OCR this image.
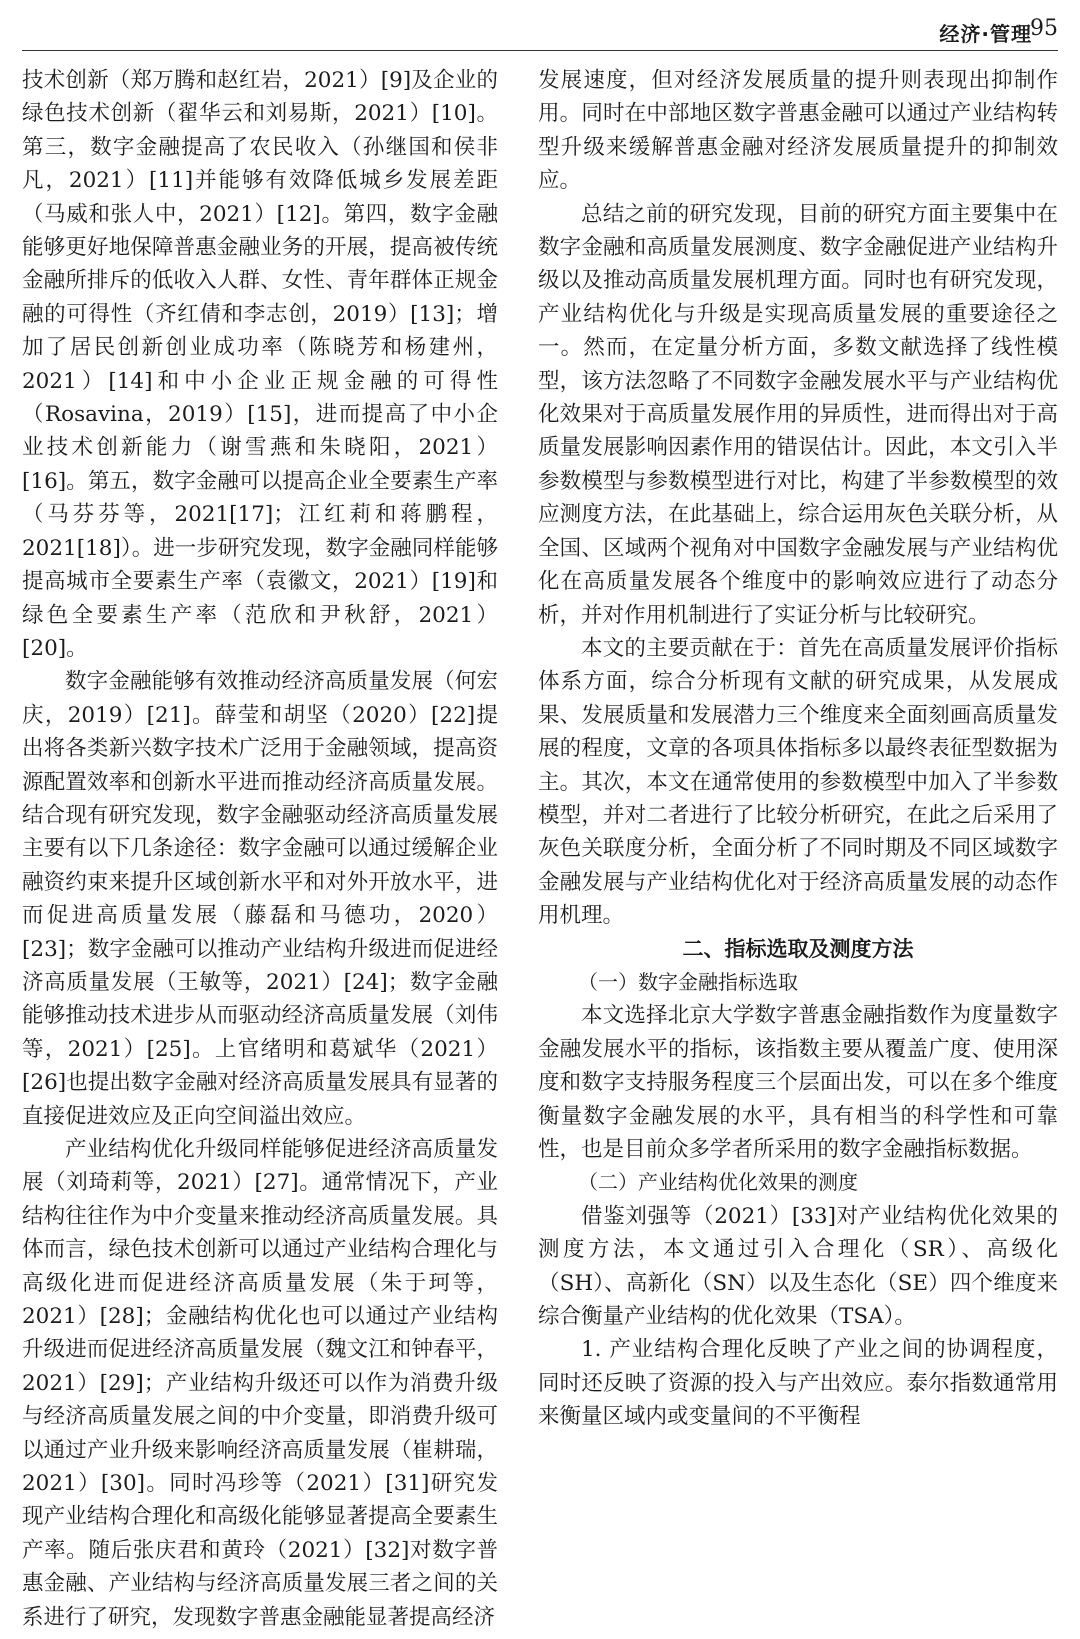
经济·管理
95

技术创新（郑万腾和赵红岩，2021）[9]及企业的绿色技术创新（翟华云和刘易斯，2021）[10]。第三，数字金融提高了农民收入（孙继国和侯非凡，2021）[11]并能够有效降低城乡发展差距（马威和张人中，2021）[12]。第四，数字金融能够更好地保障普惠金融业务的开展，提高被传统金融所排斥的低收入人群、女性、青年群体正规金融的可得性（齐红倩和李志创，2019）[13]；增加了居民创新创业成功率（陈晓芳和杨建州，2021）[14]和中小企业正规金融的可得性（Rosavina，2019）[15]，进而提高了中小企业技术创新能力（谢雪燕和朱晓阳，2021）[16]。第五，数字金融可以提高企业全要素生产率（马芬芬等，2021[17]；江红莉和蒋鹏程，2021[18]）。进一步研究发现，数字金融同样能够提高城市全要素生产率（袁徽文，2021）[19]和绿色全要素生产率（范欣和尹秋舒，2021）[20]。

数字金融能够有效推动经济高质量发展（何宏庆，2019）[21]。薛莹和胡坚（2020）[22]提出将各类新兴数字技术广泛用于金融领域，提高资源配置效率和创新水平进而推动经济高质量发展。结合现有研究发现，数字金融驱动经济高质量发展主要有以下几条途径：数字金融可以通过缓解企业融资约束来提升区域创新水平和对外开放水平，进而促进高质量发展（藤磊和马德功，2020）[23]；数字金融可以推动产业结构升级进而促进经济高质量发展（王敏等，2021）[24]；数字金融能够推动技术进步从而驱动经济高质量发展（刘伟等，2021）[25]。上官绪明和葛斌华（2021）[26]也提出数字金融对经济高质量发展具有显著的直接促进效应及正向空间溢出效应。

产业结构优化升级同样能够促进经济高质量发展（刘琦莉等，2021）[27]。通常情况下，产业结构往往作为中介变量来推动经济高质量发展。具体而言，绿色技术创新可以通过产业结构合理化与高级化进而促进经济高质量发展（朱于珂等，2021）[28]；金融结构优化也可以通过产业结构升级进而促进经济高质量发展（魏文江和钟春平，2021）[29]；产业结构升级还可以作为消费升级与经济高质量发展之间的中介变量，即消费升级可以通过产业升级来影响经济高质量发展（崔耕瑞，2021）[30]。同时冯珍等（2021）[31]研究发现产业结构合理化和高级化能够显著提高全要素生产率。随后张庆君和黄玲（2021）[32]对数字普惠金融、产业结构与经济高质量发展三者之间的关系进行了研究，发现数字普惠金融能显著提高经济

发展速度，但对经济发展质量的提升则表现出抑制作用。同时在中部地区数字普惠金融可以通过产业结构转型升级来缓解普惠金融对经济发展质量提升的抑制效应。

总结之前的研究发现，目前的研究方面主要集中在数字金融和高质量发展测度、数字金融促进产业结构升级以及推动高质量发展机理方面。同时也有研究发现，产业结构优化与升级是实现高质量发展的重要途径之一。然而，在定量分析方面，多数文献选择了线性模型，该方法忽略了不同数字金融发展水平与产业结构优化效果对于高质量发展作用的异质性，进而得出对于高质量发展影响因素作用的错误估计。因此，本文引入半参数模型与参数模型进行对比，构建了半参数模型的效应测度方法，在此基础上，综合运用灰色关联分析，从全国、区域两个视角对中国数字金融发展与产业结构优化在高质量发展各个维度中的影响效应进行了动态分析，并对作用机制进行了实证分析与比较研究。

本文的主要贡献在于：首先在高质量发展评价指标体系方面，综合分析现有文献的研究成果，从发展成果、发展质量和发展潜力三个维度来全面刻画高质量发展的程度，文章的各项具体指标多以最终表征型数据为主。其次，本文在通常使用的参数模型中加入了半参数模型，并对二者进行了比较分析研究，在此之后采用了灰色关联度分析，全面分析了不同时期及不同区域数字金融发展与产业结构优化对于经济高质量发展的动态作用机理。

二、指标选取及测度方法

（一）数字金融指标选取

本文选择北京大学数字普惠金融指数作为度量数字金融发展水平的指标，该指数主要从覆盖广度、使用深度和数字支持服务程度三个层面出发，可以在多个维度衡量数字金融发展的水平，具有相当的科学性和可靠性，也是目前众多学者所采用的数字金融指标数据。

（二）产业结构优化效果的测度

借鉴刘强等（2021）[33]对产业结构优化效果的测度方法，本文通过引入合理化（SR）、高级化（SH）、高新化（SN）以及生态化（SE）四个维度来综合衡量产业结构的优化效果（TSA）。

1. 产业结构合理化反映了产业之间的协调程度，同时还反映了资源的投入与产出效应。泰尔指数通常用来衡量区域内或变量间的不平衡程
